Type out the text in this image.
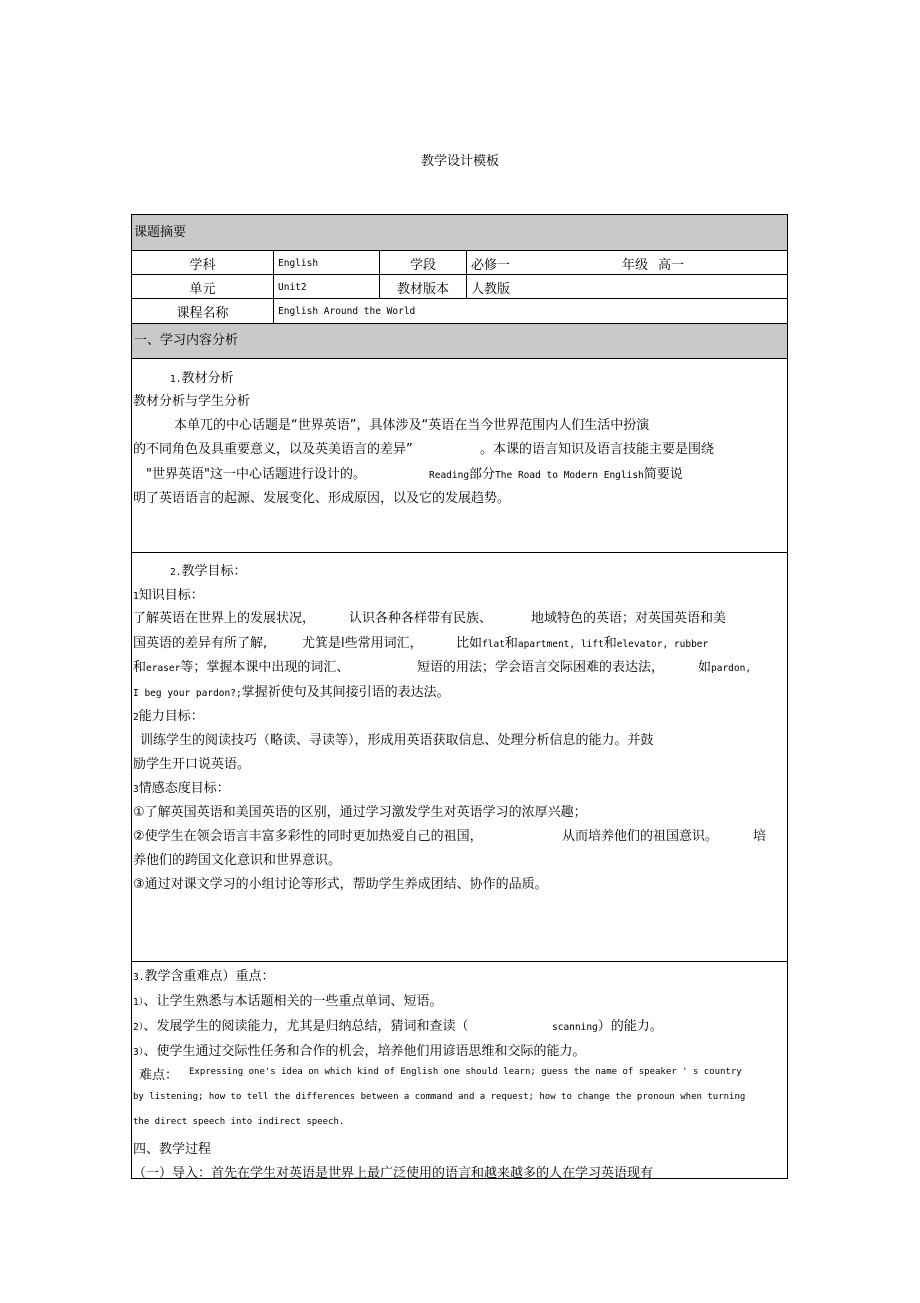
教学设计模板
课题摘要
学科	English	学段	必修一	年级 高一
单元	Unit2	教材版本	人教版
课程名称	English Around the World
一、学习内容分析
1.教材分析
教材分析与学生分析
本单兀的中心话题是“世界英语”，具体涉及“英语在当今世界范围内人们生活中扮演
的不同角色及具重要意义，以及英美语言的差异”	。本课的语言知识及语言技能主要是围绕
"世界英语"这一中心话题进行设计的。	Reading部分The Road to Modern English简要说
明了英语语言的起源、发展变化、形成原因，以及它的发展趋势。
2.教学目标：
1知识目标：
了解英语在世界上的发展状况，	认识各种各样带有民族、	地域特色的英语；对英国英语和美
国英语的差异有所了解,	尤箕是l些常用词汇，	比如flat和apartment, lift和elevator, rubber
和eraser等；掌握本课中出现的词汇、	短语的用法；学会语言交际困难的表达法，	如pardon,
I beg your pardon?;掌握祈使句及其间接引语的表达法。
2能力目标：
训练学生的阅读技巧（略读、寻读等），形成用英语获取信息、处理分析信息的能力。并鼓
励学生开口说英语。
3情感态度目标：
①了解英国英语和美国英语的区别，通过学习激发学生对英语学习的浓厚兴趣；
②使学生在领会语言丰富多彩性的同时更加热爱自己的祖国，	从而培养他们的祖国意识。	培
养他们的跨国文化意识和世界意识。
③通过对课文学习的小组讨论等形式，帮助学生养成团结、协作的品质。
3.教学含重难点）重点：
1）、让学生熟悉与本话题相关的一些重点单词、短语。
2）、发展学生的阅读能力，尤其是归纳总结，猜词和查读（	scanning）的能力。
3）、使学生通过交际性任务和合作的机会，培养他们用谚语思维和交际的能力。
难点： Expressing one's idea on which kind of English one should learn; guess the name of speaker ' s country
by listening; how to tell the differences between a command and a request; how to change the pronoun when turning
the direct speech into indirect speech.
四、教学过程
（一）导入：首先在学生对英语是世界上最广泛使用的语言和越来越多的人在学习英语现有
